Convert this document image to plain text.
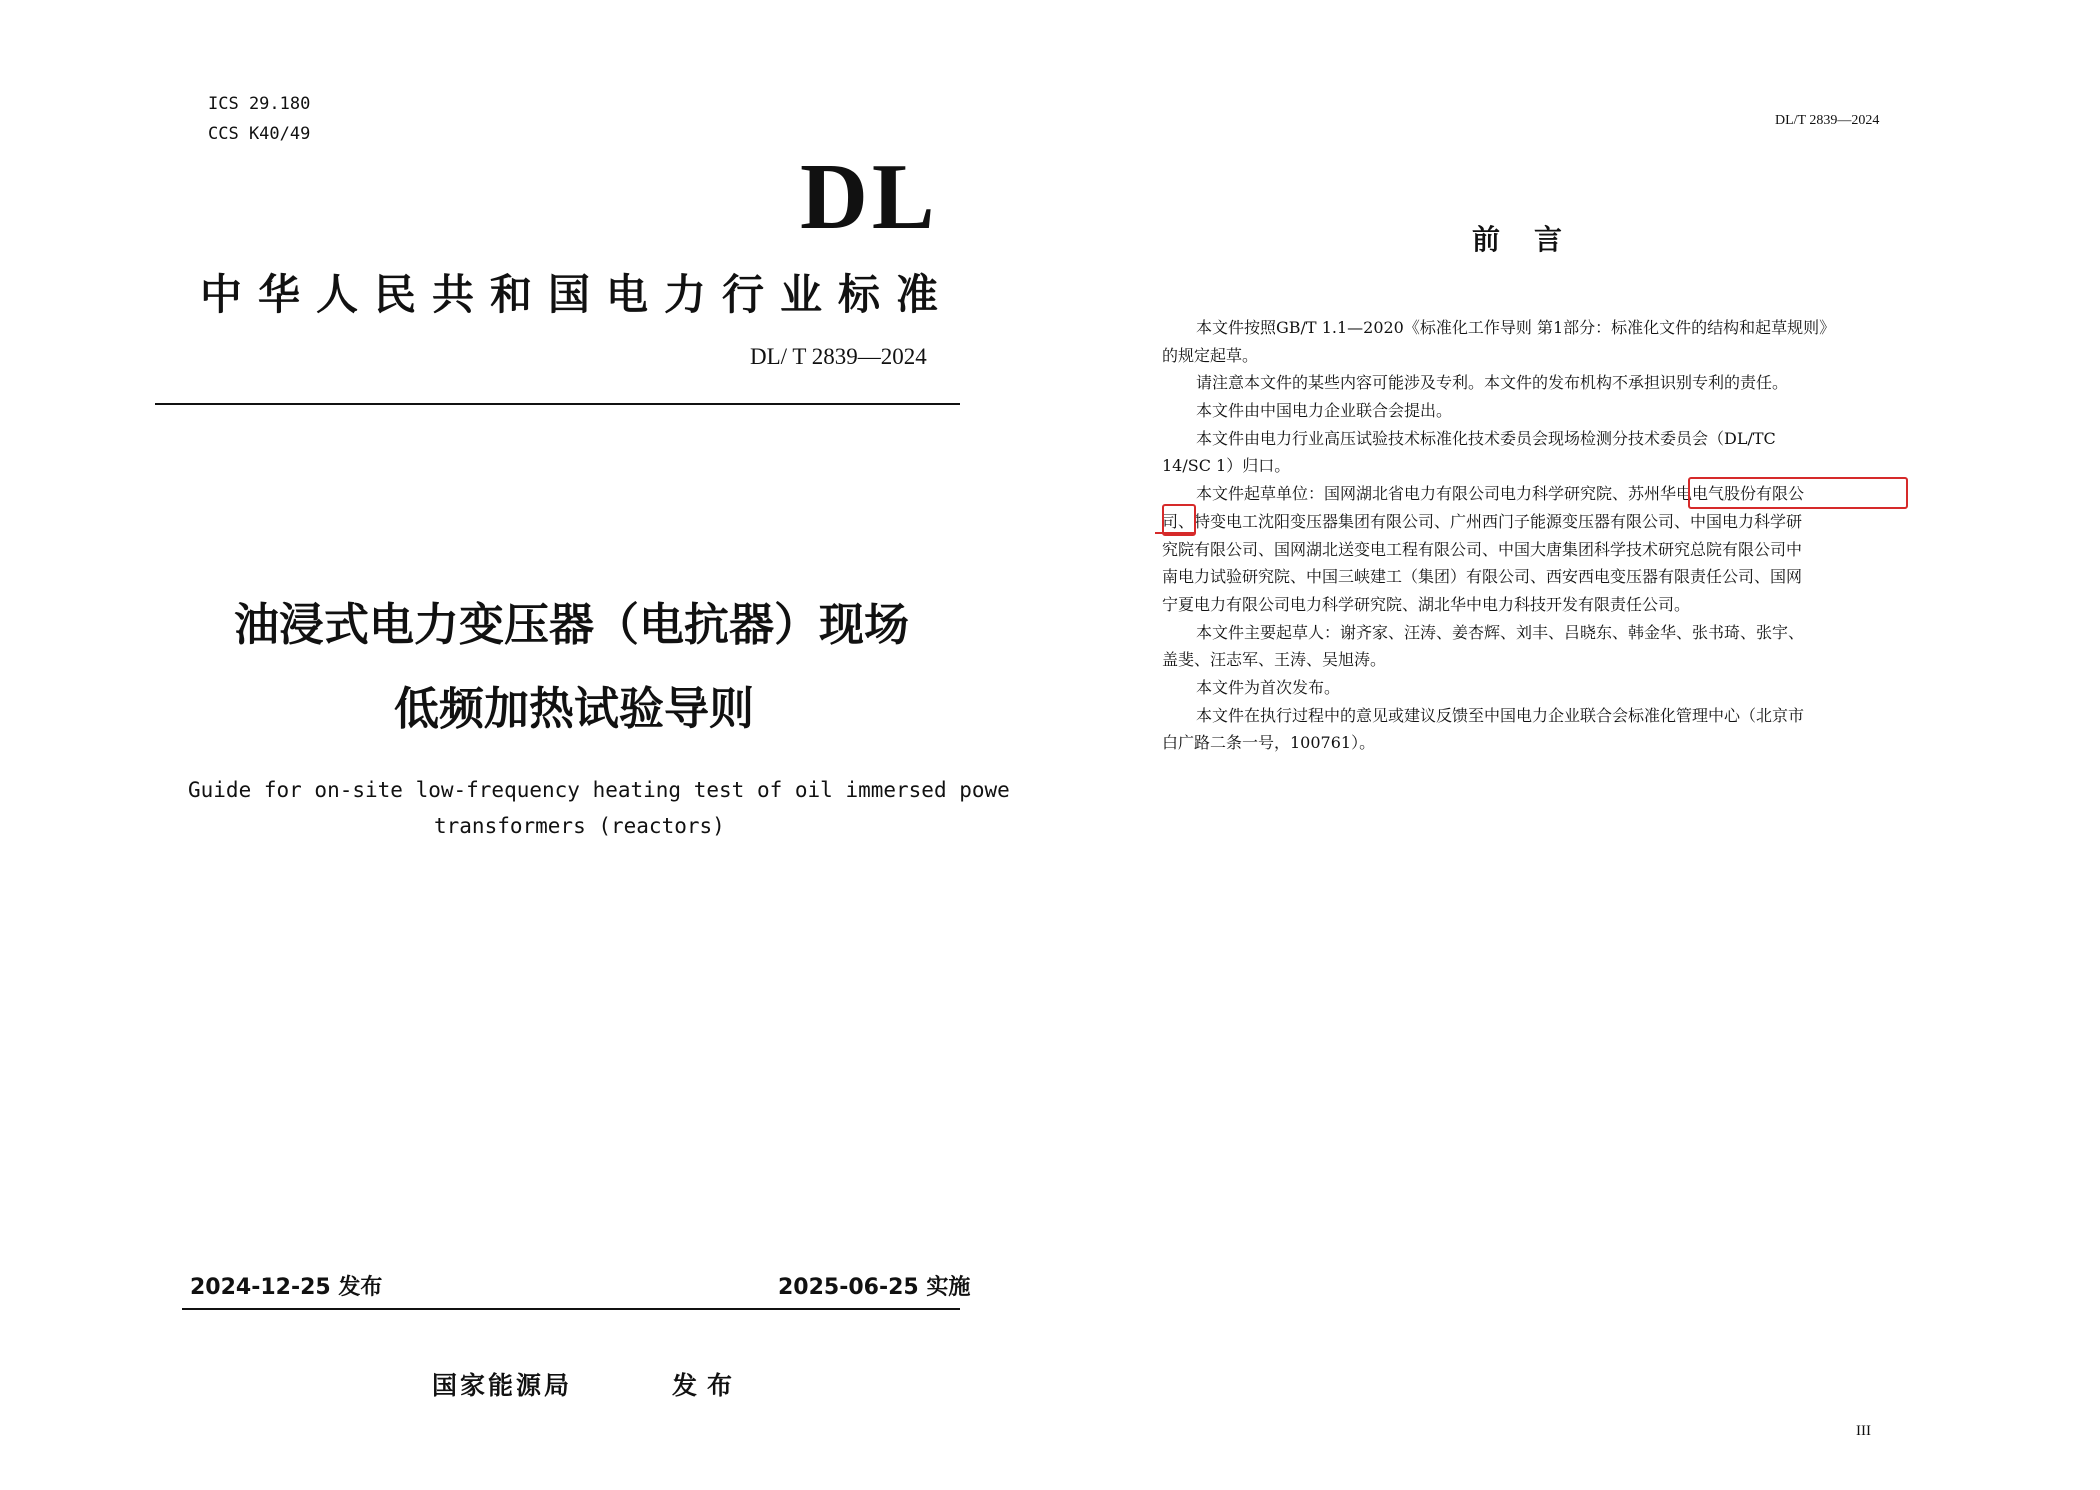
ICS 29.180
CCS K40/49
DL
中华人民共和国电力行业标准
DL/ T 2839—2024
油浸式电力变压器（电抗器）现场
低频加热试验导则
Guide for on-site low-frequency heating test of oil immersed powe
transformers (reactors)
2024-12-25 发布	2025-06-25 实施
国家能源局	发布
DL/T 2839—2024
前言
本文件按照GB/T 1.1—2020《标准化工作导则 第1部分：标准化文件的结构和起草规则》
的规定起草。
请注意本文件的某些内容可能涉及专利。本文件的发布机构不承担识别专利的责任。
本文件由中国电力企业联合会提出。
本文件由电力行业高压试验技术标准化技术委员会现场检测分技术委员会（DL/TC
14/SC 1）归口。
本文件起草单位：国网湖北省电力有限公司电力科学研究院、苏州华电电气股份有限公
司、特变电工沈阳变压器集团有限公司、广州西门子能源变压器有限公司、中国电力科学研
究院有限公司、国网湖北送变电工程有限公司、中国大唐集团科学技术研究总院有限公司中
南电力试验研究院、中国三峡建工（集团）有限公司、西安西电变压器有限责任公司、国网
宁夏电力有限公司电力科学研究院、湖北华中电力科技开发有限责任公司。
本文件主要起草人：谢齐家、汪涛、姜杏辉、刘丰、吕晓东、韩金华、张书琦、张宇、
盖斐、汪志军、王涛、吴旭涛。
本文件为首次发布。
本文件在执行过程中的意见或建议反馈至中国电力企业联合会标准化管理中心（北京市
白广路二条一号，100761）。
III
